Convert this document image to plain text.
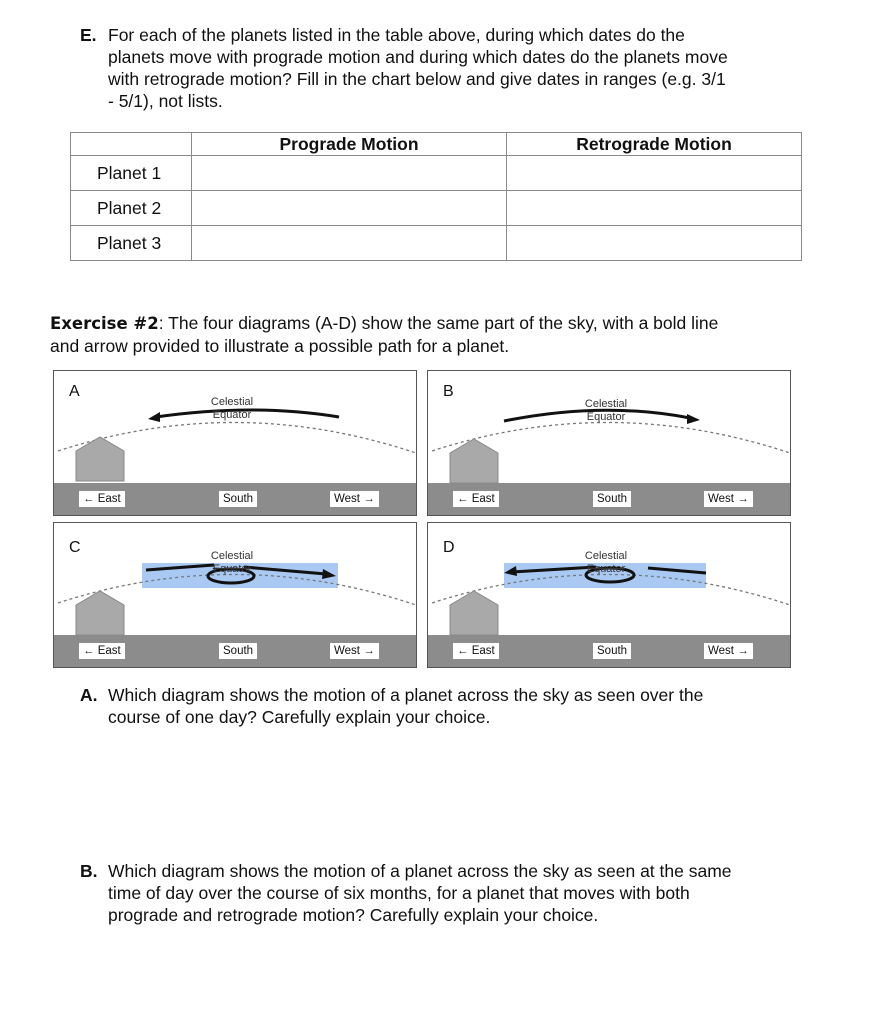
E. For each of the planets listed in the table above, during which dates do the
planets move with prograde motion and during which dates do the planets move
with retrograde motion? Fill in the chart below and give dates in ranges (e.g. 3/1
- 5/1), not lists.
	Prograde Motion	Retrograde Motion
Planet 1		
Planet 2		
Planet 3		
Exercise #2: The four diagrams (A-D) show the same part of the sky, with a bold line
and arrow provided to illustrate a possible path for a planet.
A
Celestial
Equator
← East	South	West →
B
Celestial
Equator
← East	South	West →
C	Celestial
Equator
← East	South	West →
D	Celestial
Equator
← East	South	West →
A. Which diagram shows the motion of a planet across the sky as seen over the
course of one day? Carefully explain your choice.
B. Which diagram shows the motion of a planet across the sky as seen at the same
time of day over the course of six months, for a planet that moves with both
prograde and retrograde motion? Carefully explain your choice.
